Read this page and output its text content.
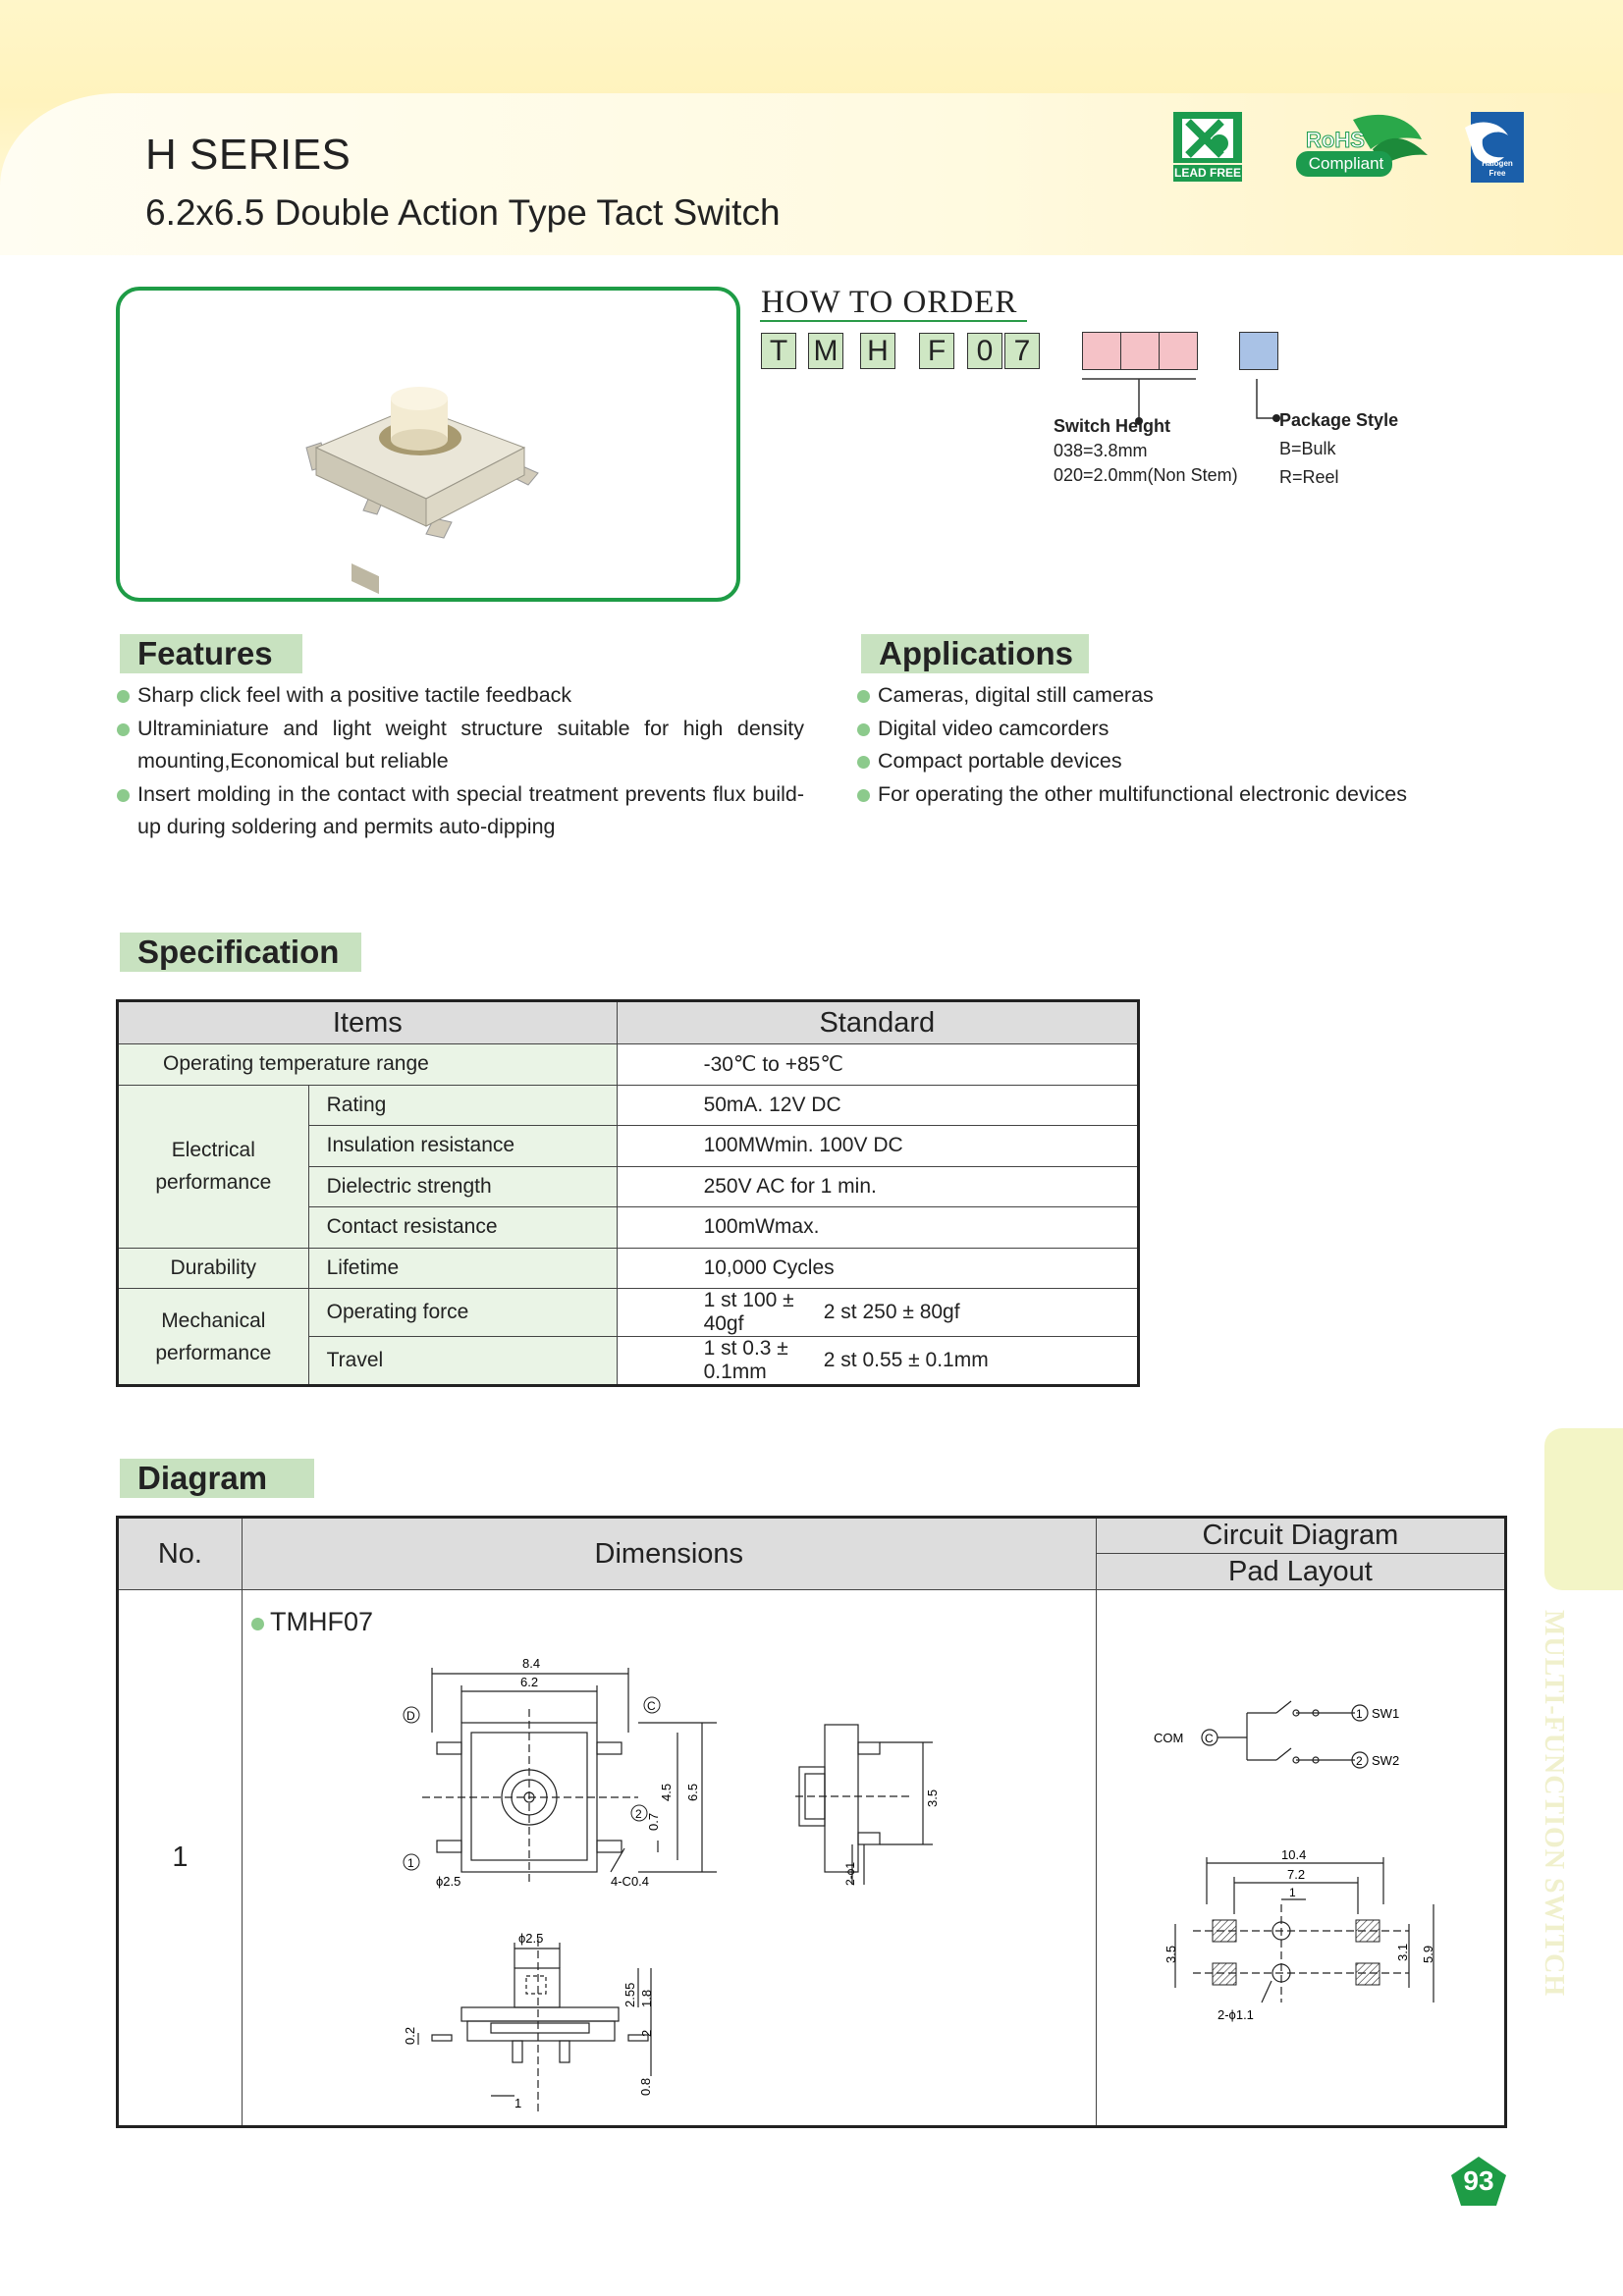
H SERIES
6.2x6.5 Double Action Type Tact Switch
LEAD FREE
RoHS
Compliant	Halogen
Free
HOW TO ORDER
T M H F	0 7
Switch Height
038=3.8mm
020=2.0mm(Non Stem)
Package Style
B=Bulk
R=Reel
Features
Sharp click feel with a positive tactile feedback
Ultraminiature and light weight structure suitable for high density mounting,Economical but reliable
Insert molding in the contact with special treatment prevents flux build-up during soldering and permits auto-dipping
Applications
Cameras, digital still cameras
Digital video camcorders
Compact portable devices
For operating the other multifunctional electronic devices
Specification
Items		Standard	
Operating temperature range		-30℃ to +85℃	

Electrical
performance	Rating	50mA. 12V DC	
	Insulation resistance	100MWmin. 100V DC	
	Dielectric strength	250V AC for 1 min.	
	Contact resistance	100mWmax.	
Durability	Lifetime	10,000 Cycles	

Mechanical
performance	Operating force	1 st 100 ± 40gf	2 st 250 ± 80gf
	Travel	1 st 0.3 ± 0.1mm	2 st 0.55 ± 0.1mm
Diagram
No.	Dimensions	Circuit Diagram
		Pad Layout
1		
TMHF07
8.4
6.2
D
C
1
2
4.5 6.5
0.7
ϕ2.5	4-C0.4
3.5
2-ϕ1
ϕ2.5
2.55 1.8
2
0.2
0.8
1
COM C
1
2
SW1
SW2
10.4
7.2
1
3.5	3.1 5.9
2-ϕ1.1
MULTI-FUNCTION SWITCH
93
